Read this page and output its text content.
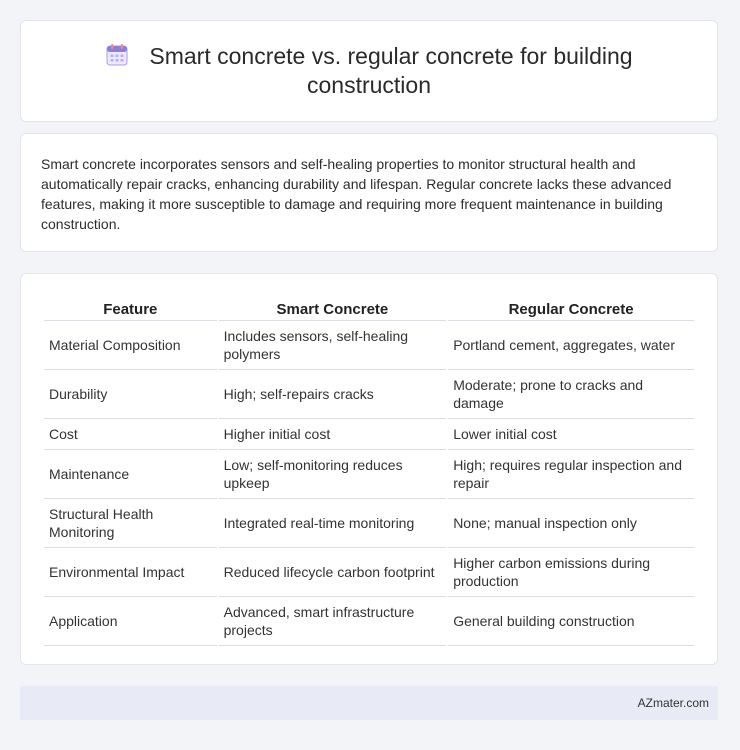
Smart concrete vs. regular concrete for building construction

Smart concrete incorporates sensors and self-healing properties to monitor structural health and automatically repair cracks, enhancing durability and lifespan. Regular concrete lacks these advanced features, making it more susceptible to damage and requiring more frequent maintenance in building construction.

Feature	Smart Concrete	Regular Concrete
Material Composition	Includes sensors, self-healing polymers	Portland cement, aggregates, water
Durability	High; self-repairs cracks	Moderate; prone to cracks and damage
Cost	Higher initial cost	Lower initial cost
Maintenance	Low; self-monitoring reduces upkeep	High; requires regular inspection and repair
Structural Health Monitoring	Integrated real-time monitoring	None; manual inspection only
Environmental Impact	Reduced lifecycle carbon footprint	Higher carbon emissions during production
Application	Advanced, smart infrastructure projects	General building construction
AZmater.com
